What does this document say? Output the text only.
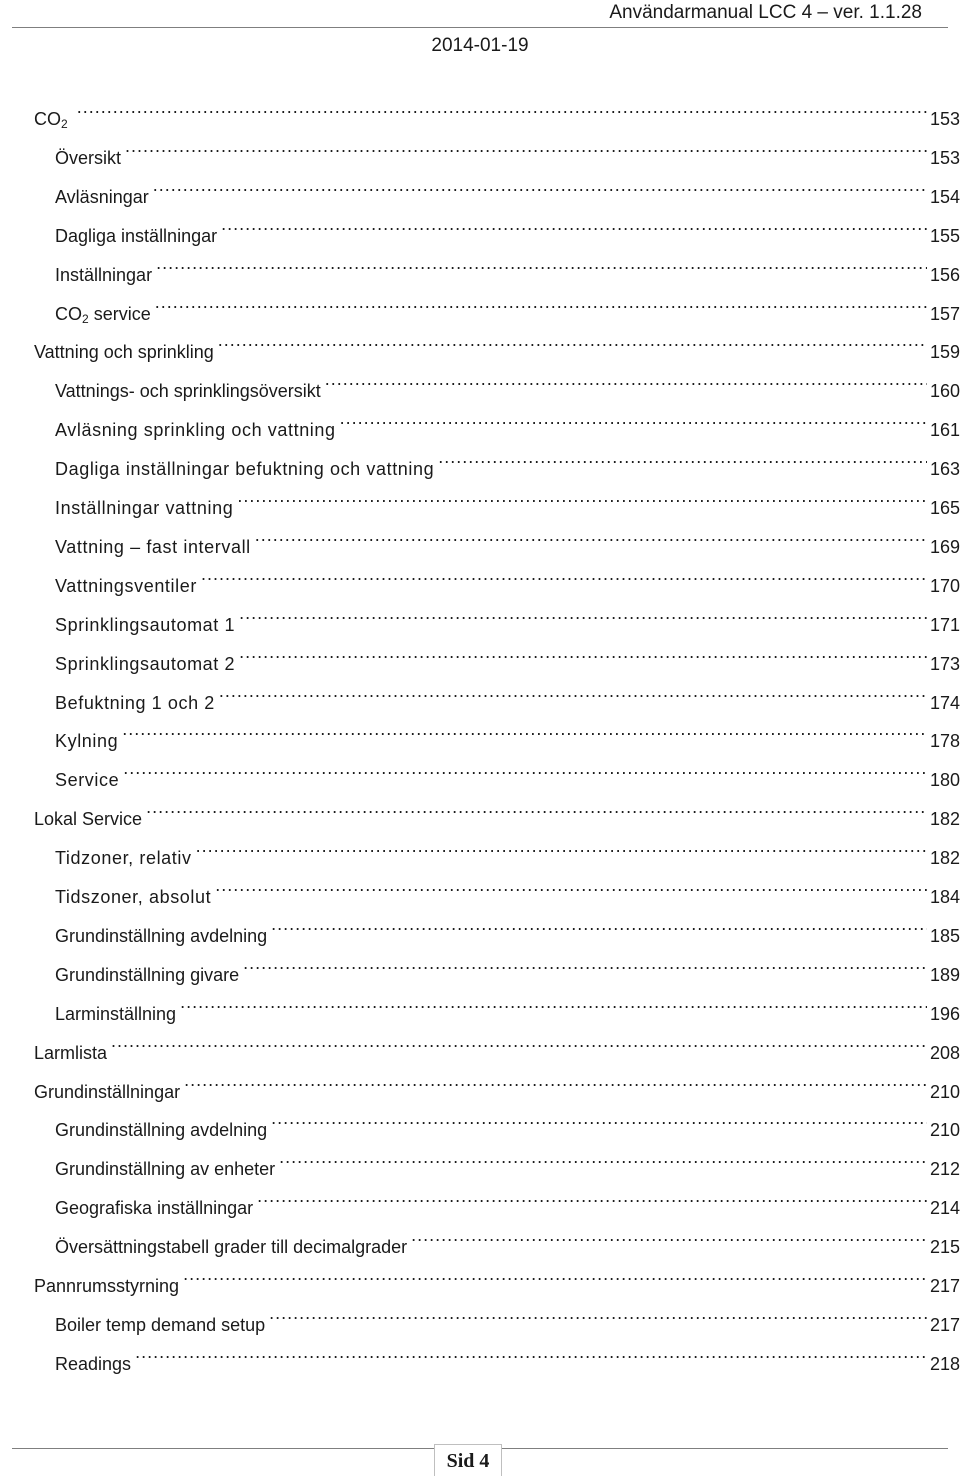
Användarmanual LCC 4 – ver. 1.1.28
2014-01-19
$CO_2$ .....	153
Översikt .....	153
Avläsningar .....	154
Dagliga inställningar .....	155
Inställningar .....	156
$CO_2$ service .....	157
Vattning och sprinkling .....	159
Vattnings- och sprinklingsöversikt .....	160
Avläsning sprinkling och vattning .....	161
Dagliga inställningar befuktning och vattning .....	163
Inställningar vattning .....	165
Vattning – fast intervall .....	169
Vattningsventiler .....	170
Sprinklingsautomat 1 .....	171
Sprinklingsautomat 2 .....	173
Befuktning 1 och 2 .....	174
Kylning .....	178
Service .....	180
Lokal Service .....	182
Tidzoner, relativ .....	182
Tidszoner, absolut .....	184
Grundinställning avdelning .....	185
Grundinställning givare .....	189
Larminställning .....	196
Larmlista .....	208
Grundinställningar .....	210
Grundinställning avdelning .....	210
Grundinställning av enheter .....	212
Geografiska inställningar .....	214
Översättningstabell grader till decimalgrader .....	215
Pannrumsstyrning .....	217
Boiler temp demand setup .....	217
Readings .....	218
Sid 4
